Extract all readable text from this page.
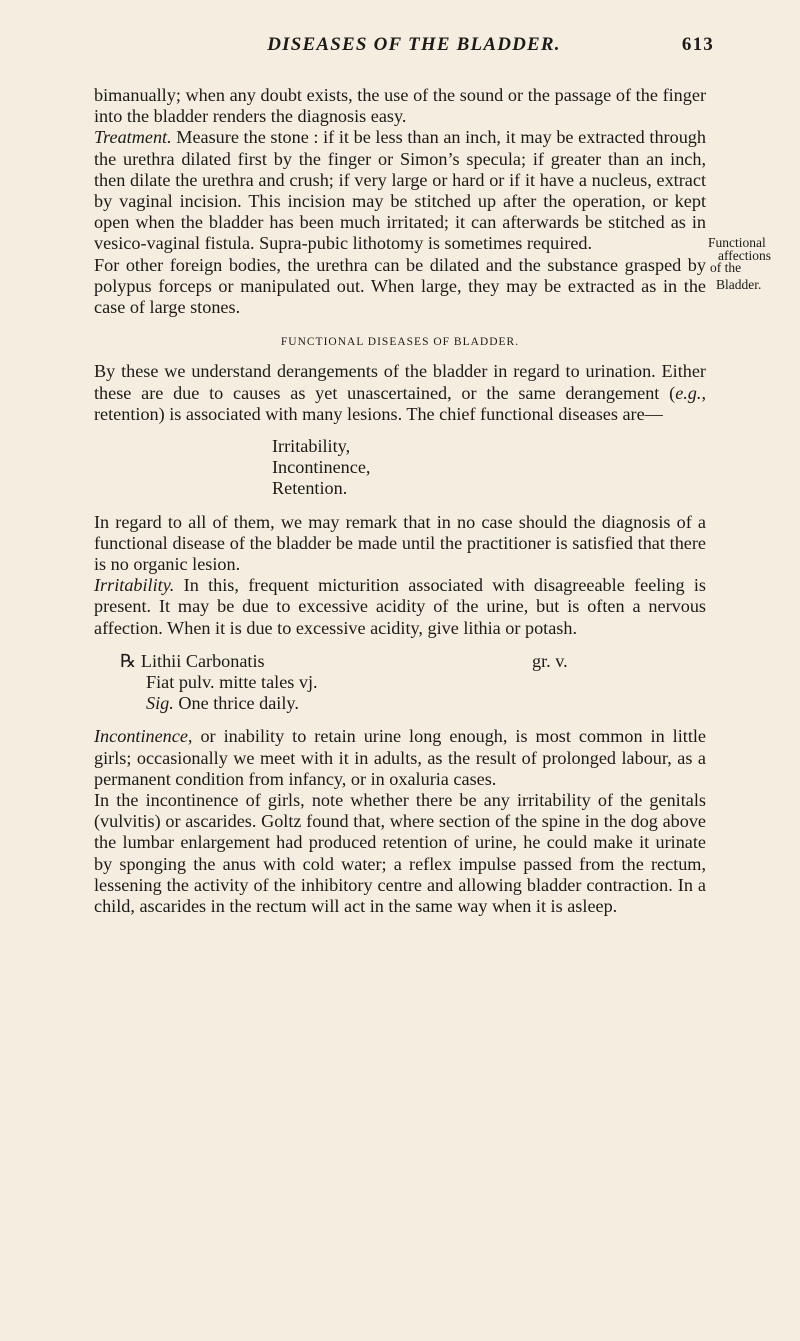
DISEASES OF THE BLADDER.	613
Functional
affections
of the
Bladder.

bimanually; when any doubt exists, the use of the sound or the passage of the finger into the bladder renders the diagnosis easy.

Treatment. Measure the stone : if it be less than an inch, it may be extracted through the urethra dilated first by the finger or Simon’s specula; if greater than an inch, then dilate the urethra and crush; if very large or hard or if it have a nucleus, extract by vaginal incision. This incision may be stitched up after the operation, or kept open when the bladder has been much irritated; it can afterwards be stitched as in vesico-vaginal fistula. Supra-pubic lithotomy is sometimes required.

For other foreign bodies, the urethra can be dilated and the substance grasped by polypus forceps or manipulated out. When large, they may be extracted as in the case of large stones.

FUNCTIONAL DISEASES OF BLADDER.

By these we understand derangements of the bladder in regard to urination. Either these are due to causes as yet unascertained, or the same derangement (e.g., retention) is associated with many lesions. The chief functional diseases are—

Irritability,
Incontinence,
Retention.

In regard to all of them, we may remark that in no case should the diagnosis of a functional disease of the bladder be made until the practitioner is satisfied that there is no organic lesion.

Irritability. In this, frequent micturition associated with disagreeable feeling is present. It may be due to excessive acidity of the urine, but is often a nervous affection. When it is due to excessive acidity, give lithia or potash.

℞ Lithii Carbonatis	gr. v.
Fiat pulv. mitte tales vj.
Sig. One thrice daily.

Incontinence, or inability to retain urine long enough, is most common in little girls; occasionally we meet with it in adults, as the result of prolonged labour, as a permanent condition from infancy, or in oxaluria cases.

In the incontinence of girls, note whether there be any irritability of the genitals (vulvitis) or ascarides. Goltz found that, where section of the spine in the dog above the lumbar enlargement had produced retention of urine, he could make it urinate by sponging the anus with cold water; a reflex impulse passed from the rectum, lessening the activity of the inhibitory centre and allowing bladder contraction. In a child, ascarides in the rectum will act in the same way when it is asleep.
